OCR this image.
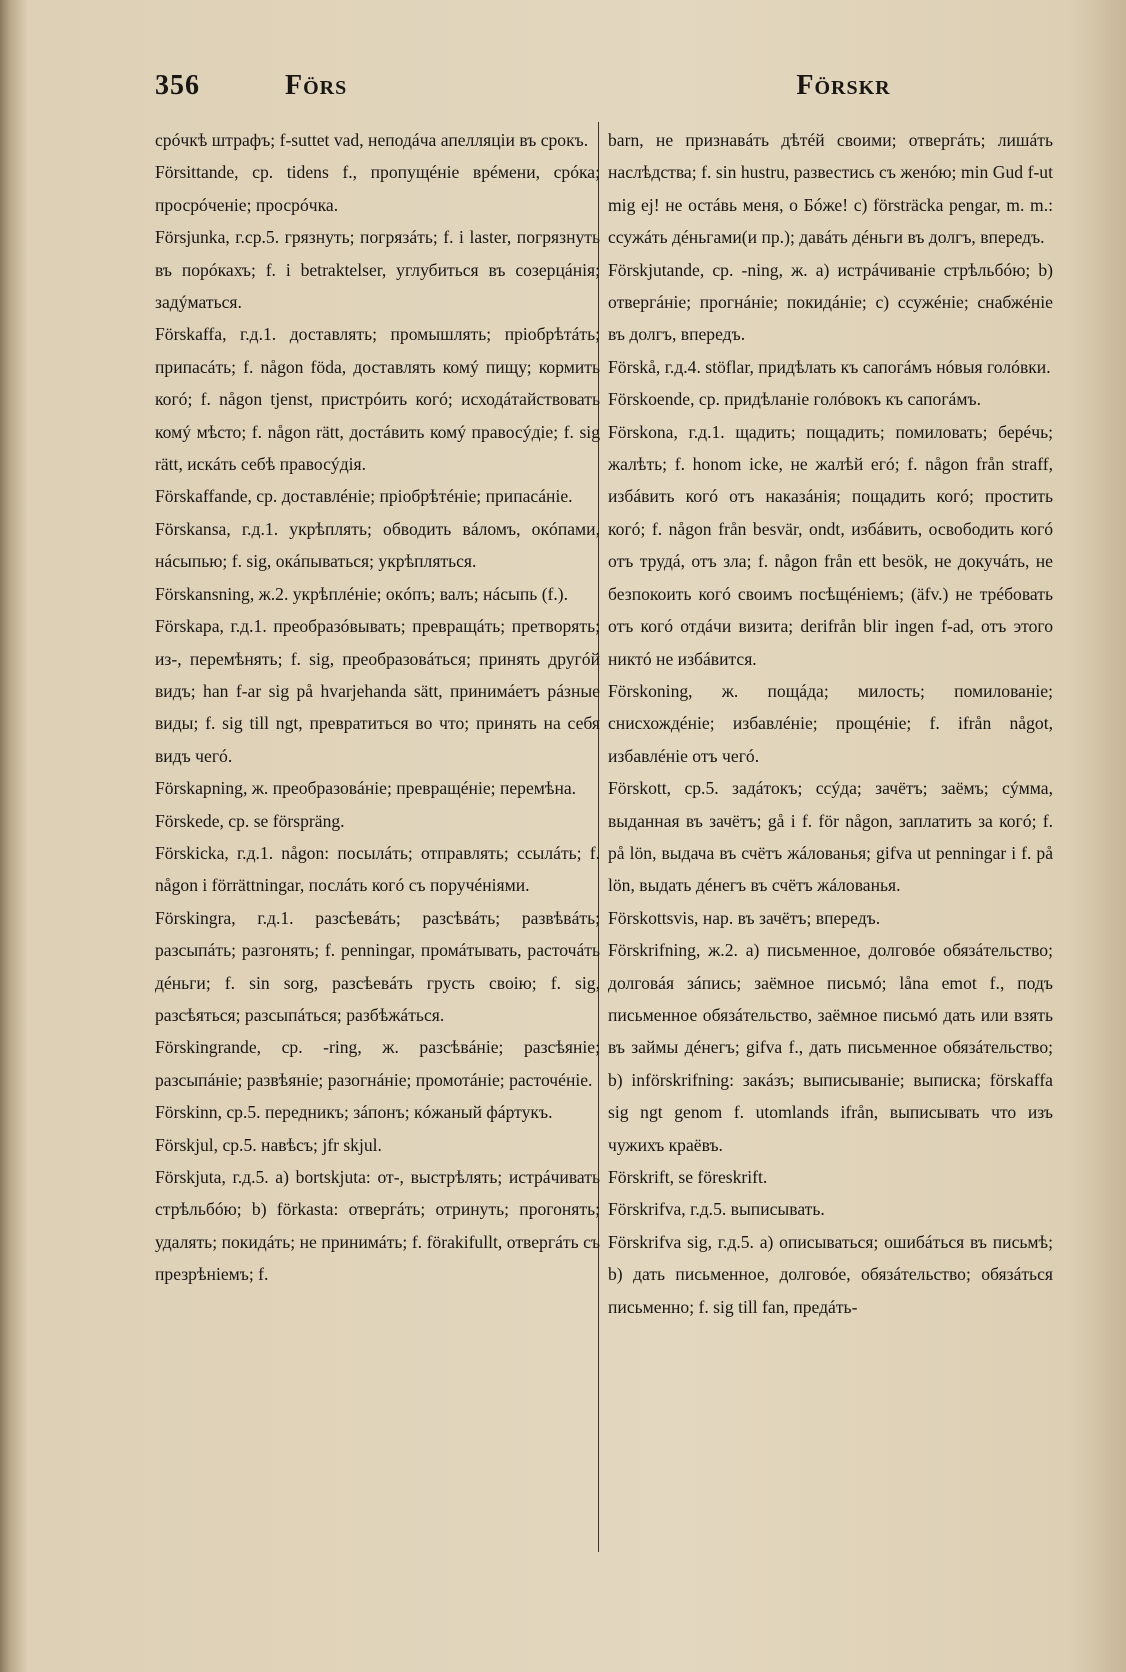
356	Förs	Förskr

срóчкѣ штрафъ; f-suttet vad, неподáча апелляціи въ срокъ.

Försittande, ср. tidens f., пропущéніе врéмени, срóка; просрóченіе; просрóчка.

Försjunka, г.ср.5. грязнуть; погрязáть; f. i laster, погрязнуть въ порóкахъ; f. i betraktelser, углубиться въ созерцáнія; задýматься.

Förskaffa, г.д.1. доставлять; промышлять; пріобрѣтáть; припасáть; f. någon föda, доставлять комý пищу; кормить когó; f. någon tjenst, пристрóить когó; исходáтайствовать комý мѣсто; f. någon rätt, достáвить комý правосýдіе; f. sig rätt, искáть себѣ правосýдія.

Förskaffande, ср. доставлéніе; пріобрѣтéніе; припасáніе.

Förskansa, г.д.1. укрѣплять; обводить вáломъ, окóпами, нáсыпью; f. sig, окáпываться; укрѣпляться.

Förskansning, ж.2. укрѣплéніе; окóпъ; валъ; нáсыпь (f.).

Förskapa, г.д.1. преобразóвывать; превращáть; претворять; из-, перемѣнять; f. sig, преобразовáться; принять другóй видъ; han f-ar sig på hvarjehanda sätt, принимáетъ рáзные виды; f. sig till ngt, превратиться во что; принять на себя видъ чегó.

Förskapning, ж. преобразовáніе; превращéніе; перемѣна.

Förskede, ср. se förspräng.

Förskicka, г.д.1. någon: посылáть; отправлять; ссылáть; f. någon i förrättningar, послáть когó съ поручéніями.

Förskingra, г.д.1. разсѣевáть; разсѣвáть; развѣвáть; разсыпáть; разгонять; f. penningar, промáтывать, расточáть дéньги; f. sin sorg, разсѣевáть грусть своію; f. sig, разсѣяться; разсыпáться; разбѣжáться.

Förskingrande, ср. -ring, ж. разсѣвáніе; разсѣяніе; разсыпáніе; развѣяніе; разогнáніе; промотáніе; расточéніе.

Förskinn, ср.5. передникъ; зáпонъ; кóжаный фáртукъ.

Förskjul, ср.5. навѣсъ; jfr skjul.

Förskjuta, г.д.5. a) bortskjuta: от-, выстрѣлять; истрáчивать стрѣльбóю; b) förkasta: отвергáть; отринуть; прогонять; удалять; покидáть; не принимáть; f. förakifullt, отвергáть съ презрѣніемъ; f.

barn, не признавáть дѣтéй своими; отвергáть; лишáть наслѣдства; f. sin hustru, развестись съ женóю; min Gud f-ut mig ej! не остáвь меня, о Бóже! c) försträcka pengar, m. m.: ссужáть дéньгами(и пр.); давáть дéньги въ долгъ, впередъ.

Förskjutande, ср. -ning, ж. a) истрáчиваніе стрѣльбóю; b) отвергáніе; прогнáніе; покидáніе; c) ссужéніе; снабжéніе въ долгъ, впередъ.

Förskå, г.д.4. stöflar, придѣлать къ сапогáмъ нóвыя голóвки.

Förskoende, ср. придѣланіе голóвокъ къ сапогáмъ.

Förskona, г.д.1. щадить; пощадить; помиловать; берéчь; жалѣть; f. honom icke, не жалѣй егó; f. någon från straff, избáвить когó отъ наказáнія; пощадить когó; простить когó; f. någon från besvär, ondt, избáвить, освободить когó отъ трудá, отъ зла; f. någon från ett besök, не докучáть, не безпокоить когó своимъ посѣщéніемъ; (äfv.) не трéбовать отъ когó отдáчи визита; derifrån blir ingen f-ad, отъ этого никтó не избáвится.

Förskoning, ж. пощáда; милость; помилованіе; снисхождéніе; избавлéніе; прощéніе; f. ifrån något, избавлéніе отъ чегó.

Förskott, ср.5. задáтокъ; ссýда; зачётъ; заёмъ; сýмма, выданная въ зачётъ; gå i f. för någon, заплатить за когó; f. på lön, выдача въ счётъ жáлованья; gifva ut penningar i f. på lön, выдать дéнегъ въ счётъ жáлованья.

Förskottsvis, нар. въ зачётъ; впередъ.

Förskrifning, ж.2. a) письменное, долговóе обязáтельство; долговáя зáпись; заёмное письмó; låna emot f., подъ письменное обязáтельство, заёмное письмó дать или взять въ займы дéнегъ; gifva f., дать письменное обязáтельство; b) införskrifning: закáзъ; выписываніе; выписка; förskaffa sig ngt genom f. utomlands ifrån, выписывать что изъ чужихъ краёвъ.

Förskrift, se föreskrift.

Förskrifva, г.д.5. выписывать.

Förskrifva sig, г.д.5. a) описываться; ошибáться въ письмѣ; b) дать письменное, долговóе, обязáтельство; обязáться письменно; f. sig till fan, предáть-
